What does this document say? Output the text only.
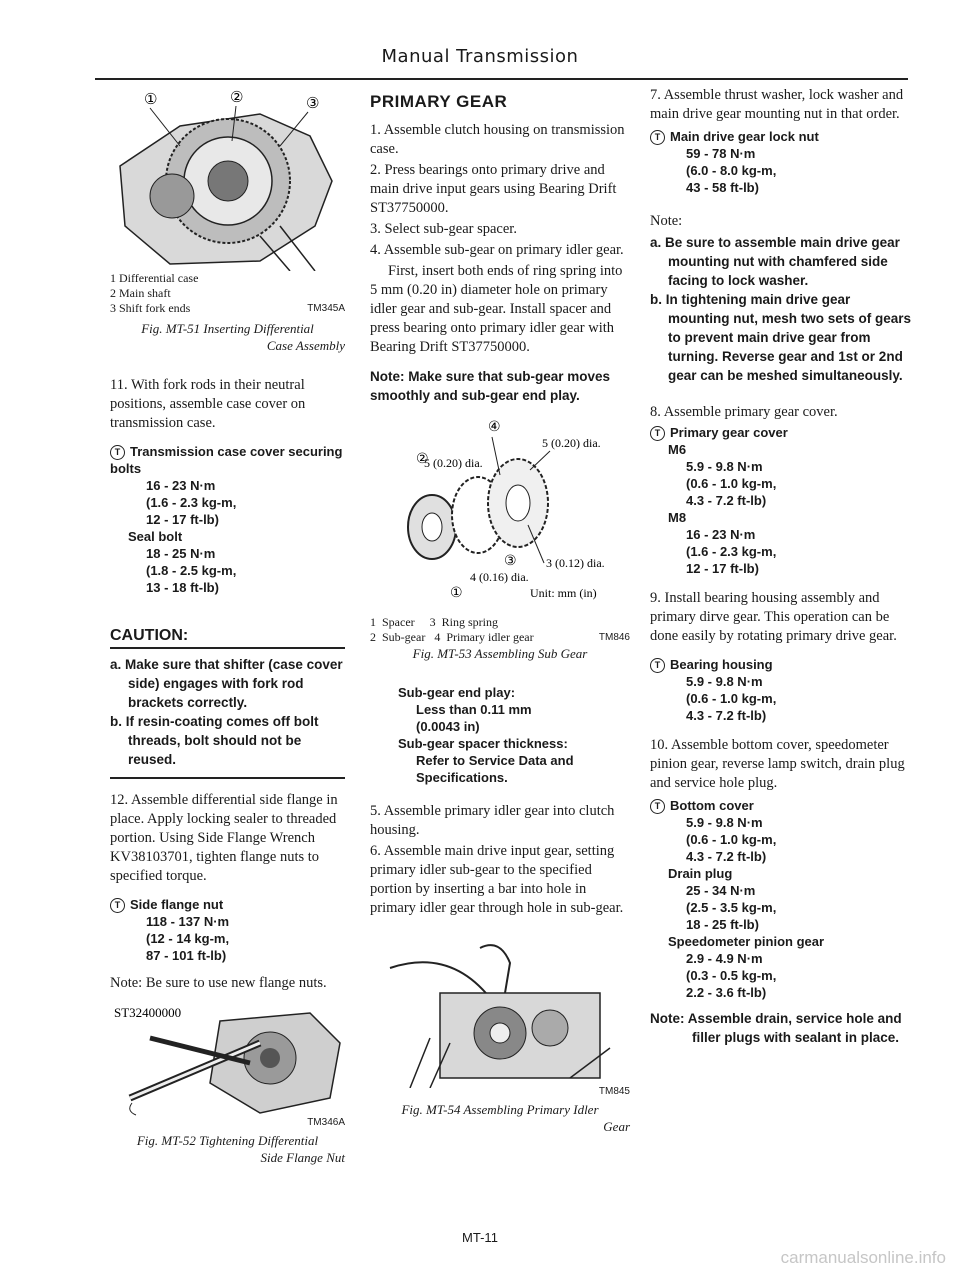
Manual Transmission
①	②	③
1 Differential case
2 Main shaft
3 Shift fork ends	TM345A
Fig. MT-51 Inserting Differential
Case Assembly

11. With fork rods in their neutral positions, assemble case cover on transmission case.

T Transmission case cover securing bolts
16 - 23 N·m
(1.6 - 2.3 kg-m,
12 - 17 ft-lb)
Seal bolt
18 - 25 N·m
(1.8 - 2.5 kg-m,
13 - 18 ft-lb)
CAUTION:
a. Make sure that shifter (case cover side) engages with fork rod brackets correctly.
b. If resin-coating comes off bolt threads, bolt should not be reused.

12. Assemble differential side flange in place. Apply locking sealer to threaded portion. Using Side Flange Wrench KV38103701, tighten flange nuts to specified torque.

T Side flange nut
118 - 137 N·m
(12 - 14 kg-m,
87 - 101 ft-lb)

Note: Be sure to use new flange nuts.

ST32400000
TM346A
Fig. MT-52 Tightening Differential
Side Flange Nut
PRIMARY GEAR

1. Assemble clutch housing on transmission case.

2. Press bearings onto primary drive and main drive input gears using Bearing Drift ST37750000.

3. Select sub-gear spacer.

4. Assemble sub-gear on primary idler gear.

First, insert both ends of ring spring into 5 mm (0.20 in) diameter hole on primary idler gear and sub-gear. Install spacer and press bearing onto primary idler gear with Bearing Drift ST37750000.

Note: Make sure that sub-gear moves smoothly and sub-gear end play.

④
②
5 (0.20) dia.
5 (0.20) dia.
3 (0.12) dia.
③
4 (0.16) dia.
①	Unit: mm (in)
1  Spacer     3  Ring spring
2  Sub-gear   4  Primary idler gear	TM846
Fig. MT-53 Assembling Sub Gear
Sub-gear end play:
Less than 0.11 mm
(0.0043 in)
Sub-gear spacer thickness:
Refer to Service Data and
Specifications.

5. Assemble primary idler gear into clutch housing.

6. Assemble main drive input gear, setting primary idler sub-gear to the specified portion by inserting a bar into hole in primary idler gear through hole in sub-gear.

TM845
Fig. MT-54 Assembling Primary Idler
Gear

7. Assemble thrust washer, lock washer and main drive gear mounting nut in that order.

T Main drive gear lock nut
59 - 78 N·m
(6.0 - 8.0 kg-m,
43 - 58 ft-lb)

Note:

a. Be sure to assemble main drive gear mounting nut with chamfered side facing to lock washer.
b. In tightening main drive gear mounting nut, mesh two sets of gears to prevent main drive gear from turning. Reverse gear and 1st or 2nd gear can be meshed simultaneously.

8. Assemble primary gear cover.

T Primary gear cover
M6
5.9 - 9.8 N·m
(0.6 - 1.0 kg-m,
4.3 - 7.2 ft-lb)
M8
16 - 23 N·m
(1.6 - 2.3 kg-m,
12 - 17 ft-lb)

9. Install bearing housing assembly and primary dirve gear. This operation can be done easily by rotating primary drive gear.

T Bearing housing
5.9 - 9.8 N·m
(0.6 - 1.0 kg-m,
4.3 - 7.2 ft-lb)

10. Assemble bottom cover, speedometer pinion gear, reverse lamp switch, drain plug and service hole plug.

T Bottom cover
5.9 - 9.8 N·m
(0.6 - 1.0 kg-m,
4.3 - 7.2 ft-lb)
Drain plug
25 - 34 N·m
(2.5 - 3.5 kg-m,
18 - 25 ft-lb)
Speedometer pinion gear
2.9 - 4.9 N·m
(0.3 - 0.5 kg-m,
2.2 - 3.6 ft-lb)
Note: Assemble drain, service hole and filler plugs with sealant in place.
MT-11
carmanualsonline.info
